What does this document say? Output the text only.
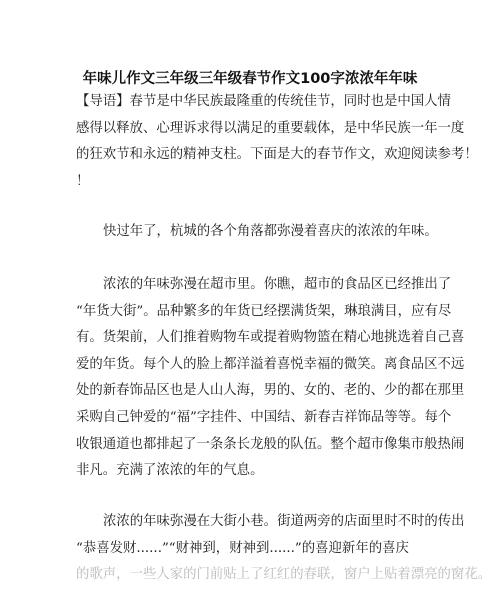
年味儿作文三年级三年级春节作文100字浓浓年年味
【导语】春节是中华民族最隆重的传统佳节，同时也是中国人情
感得以释放、心理诉求得以满足的重要载体，是中华民族一年一度
的狂欢节和永远的精神支柱。下面是大的春节作文，欢迎阅读参考！
！
快过年了，杭城的各个角落都弥漫着喜庆的浓浓的年味。
浓浓的年味弥漫在超市里。你瞧，超市的食品区已经推出了
“年货大街”。品种繁多的年货已经摆满货架，琳琅满目，应有尽
有。货架前，人们推着购物车或提着购物篮在精心地挑选着自己喜
爱的年货。每个人的脸上都洋溢着喜悦幸福的微笑。离食品区不远
处的新春饰品区也是人山人海，男的、女的、老的、少的都在那里
采购自己钟爱的“福”字挂件、中国结、新春吉祥饰品等等。每个
收银通道也都排起了一条条长龙般的队伍。整个超市像集市般热闹
非凡。充满了浓浓的年的气息。
浓浓的年味弥漫在大街小巷。街道两旁的店面里时不时的传出
“恭喜发财......”“财神到，财神到......”的喜迎新年的喜庆
的歌声，一些人家的门前贴上了红红的春联，窗户上贴着漂亮的窗花。
